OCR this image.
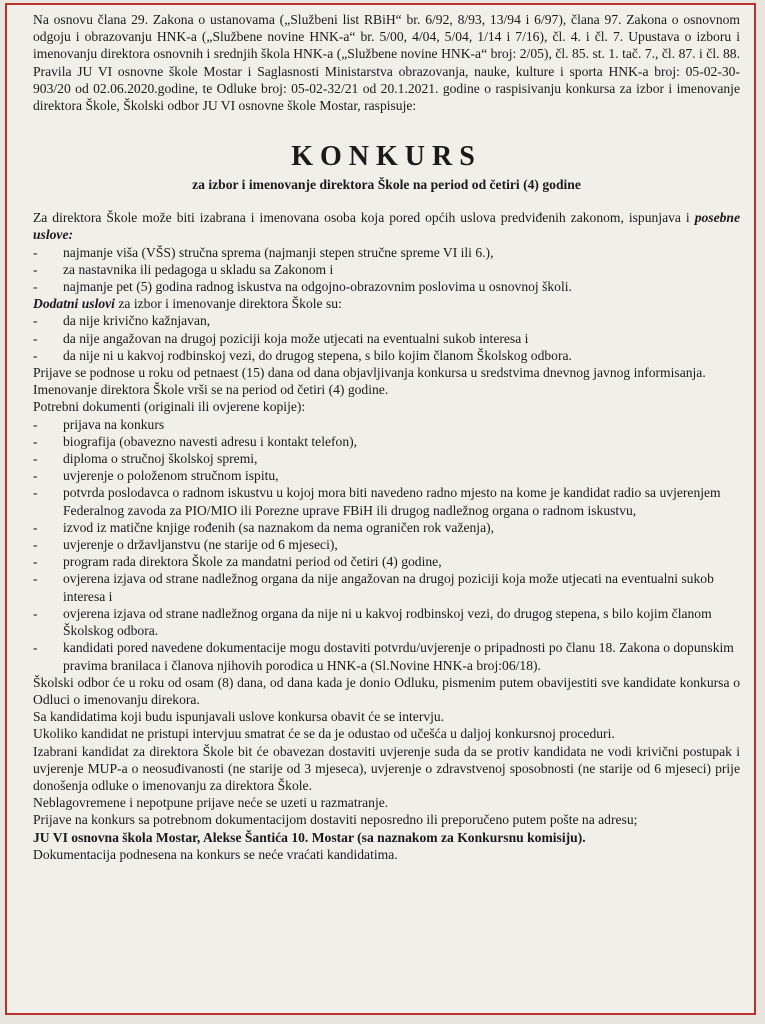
Na osnovu člana 29. Zakona o ustanovama („Službeni list RBiH“ br. 6/92, 8/93, 13/94 i 6/97), člana 97. Zakona o osnovnom odgoju i obrazovanju HNK-a („Službene novine HNK-a“ br. 5/00, 4/04, 5/04, 1/14 i 7/16), čl. 4. i čl. 7. Upustava o izboru i imenovanju direktora osnovnih i srednjih škola HNK-a („Službene novine HNK-a“ broj: 2/05), čl. 85. st. 1. tač. 7., čl. 87. i čl. 88. Pravila JU VI osnovne škole Mostar i Saglasnosti Ministarstva obrazovanja, nauke, kulture i sporta HNK-a broj: 05-02-30-903/20 od 02.06.2020.godine, te Odluke broj: 05-02-32/21 od 20.1.2021. godine o raspisivanju konkursa za izbor i imenovanje direktora Škole, Školski odbor JU VI osnovne škole Mostar, raspisuje:

KONKURS
za izbor i imenovanje direktora Škole na period od četiri (4) godine

Za direktora Škole može biti izabrana i imenovana osoba koja pored općih uslova predviđenih zakonom, ispunjava i posebne uslove:

- najmanje viša (VŠS) stručna sprema (najmanji stepen stručne spreme VI ili 6.),
- za nastavnika ili pedagoga u skladu sa Zakonom i
- najmanje pet (5) godina radnog iskustva na odgojno-obrazovnim poslovima u osnovnoj školi.

Dodatni uslovi za izbor i imenovanje direktora Škole su:

- da nije krivično kažnjavan,
- da nije angažovan na drugoj poziciji koja može utjecati na eventualni sukob interesa i
- da nije ni u kakvoj rodbinskoj vezi, do drugog stepena, s bilo kojim članom Školskog odbora.

Prijave se podnose u roku od petnaest (15) dana od dana objavljivanja konkursa u sredstvima dnevnog javnog informisanja.

Imenovanje direktora Škole vrši se na period od četiri (4) godine.

Potrebni dokumenti (originali ili ovjerene kopije):

- prijava na konkurs
- biografija (obavezno navesti adresu i kontakt telefon),
- diploma o stručnoj školskoj spremi,
- uvjerenje o položenom stručnom ispitu,
- potvrda poslodavca o radnom iskustvu u kojoj mora biti navedeno radno mjesto na kome je kandidat radio sa uvjerenjem Federalnog zavoda za PIO/MIO ili Porezne uprave FBiH ili drugog nadležnog organa o radnom iskustvu,
- izvod iz matične knjige rođenih (sa naznakom da nema ograničen rok važenja),
- uvjerenje o državljanstvu (ne starije od 6 mjeseci),
- program rada direktora Škole za mandatni period od četiri (4) godine,
- ovjerena izjava od strane nadležnog organa da nije angažovan na drugoj poziciji koja može utjecati na eventualni sukob interesa i
- ovjerena izjava od strane nadležnog organa da nije ni u kakvoj rodbinskoj vezi, do drugog stepena, s bilo kojim članom Školskog odbora.
- kandidati pored navedene dokumentacije mogu dostaviti potvrdu/uvjerenje o pripadnosti po članu 18. Zakona o dopunskim pravima branilaca i članova njihovih porodica u HNK-a (Sl.Novine HNK-a broj:06/18).

Školski odbor će u roku od osam (8) dana, od dana kada je donio Odluku, pismenim putem obavijestiti sve kandidate konkursa o Odluci o imenovanju direkora.

Sa kandidatima koji budu ispunjavali uslove konkursa obavit će se intervju.

Ukoliko kandidat ne pristupi intervjuu smatrat će se da je odustao od učešća u daljoj konkursnoj proceduri.

Izabrani kandidat za direktora Škole bit će obavezan dostaviti uvjerenje suda da se protiv kandidata ne vodi krivični postupak i uvjerenje MUP-a o neosuđivanosti (ne starije od 3 mjeseca), uvjerenje o zdravstvenoj sposobnosti (ne starije od 6 mjeseci) prije donošenja odluke o imenovanju za direktora Škole.

Neblagovremene i nepotpune prijave neće se uzeti u razmatranje.

Prijave na konkurs sa potrebnom dokumentacijom dostaviti neposredno ili preporučeno putem pošte na adresu;

JU VI osnovna škola Mostar, Alekse Šantića 10. Mostar (sa naznakom za Konkursnu komisiju).

Dokumentacija podnesena na konkurs se neće vraćati kandidatima.
